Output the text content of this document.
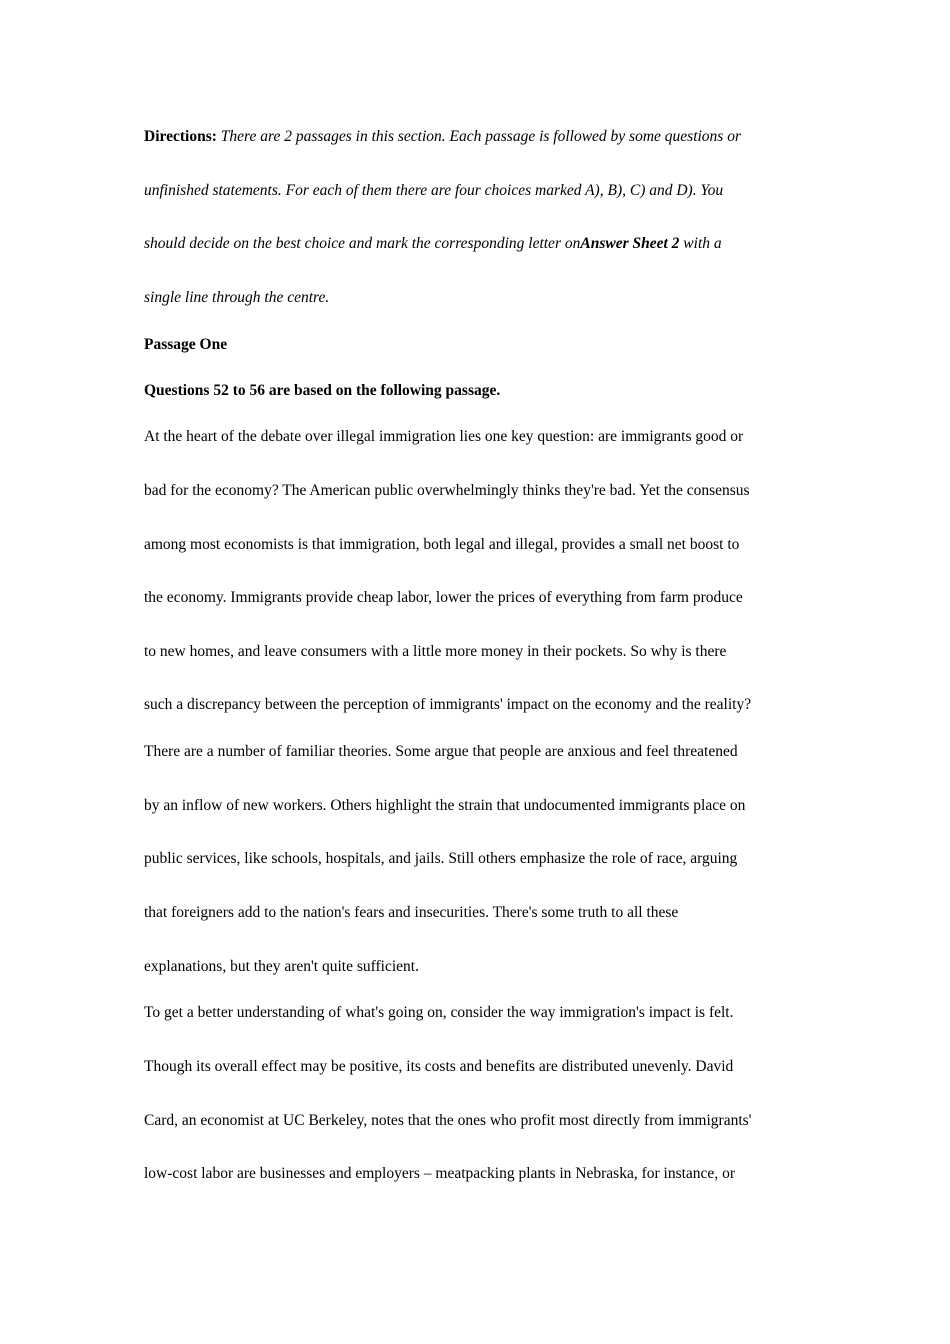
Directions: There are 2 passages in this section. Each passage is followed by some questions or
unfinished statements. For each of them there are four choices marked A), B), C) and D). You
should decide on the best choice and mark the corresponding letter onAnswer Sheet 2 with a
single line through the centre.
Passage One
Questions 52 to 56 are based on the following passage.
At the heart of the debate over illegal immigration lies one key question: are immigrants good or
bad for the economy? The American public overwhelmingly thinks they're bad. Yet the consensus
among most economists is that immigration, both legal and illegal, provides a small net boost to
the economy. Immigrants provide cheap labor, lower the prices of everything from farm produce
to new homes, and leave consumers with a little more money in their pockets. So why is there
such a discrepancy between the perception of immigrants' impact on the economy and the reality?
There are a number of familiar theories. Some argue that people are anxious and feel threatened
by an inflow of new workers. Others highlight the strain that undocumented immigrants place on
public services, like schools, hospitals, and jails. Still others emphasize the role of race, arguing
that foreigners add to the nation's fears and insecurities. There's some truth to all these
explanations, but they aren't quite sufficient.
To get a better understanding of what's going on, consider the way immigration's impact is felt.
Though its overall effect may be positive, its costs and benefits are distributed unevenly. David
Card, an economist at UC Berkeley, notes that the ones who profit most directly from immigrants'
low-cost labor are businesses and employers – meatpacking plants in Nebraska, for instance, or
